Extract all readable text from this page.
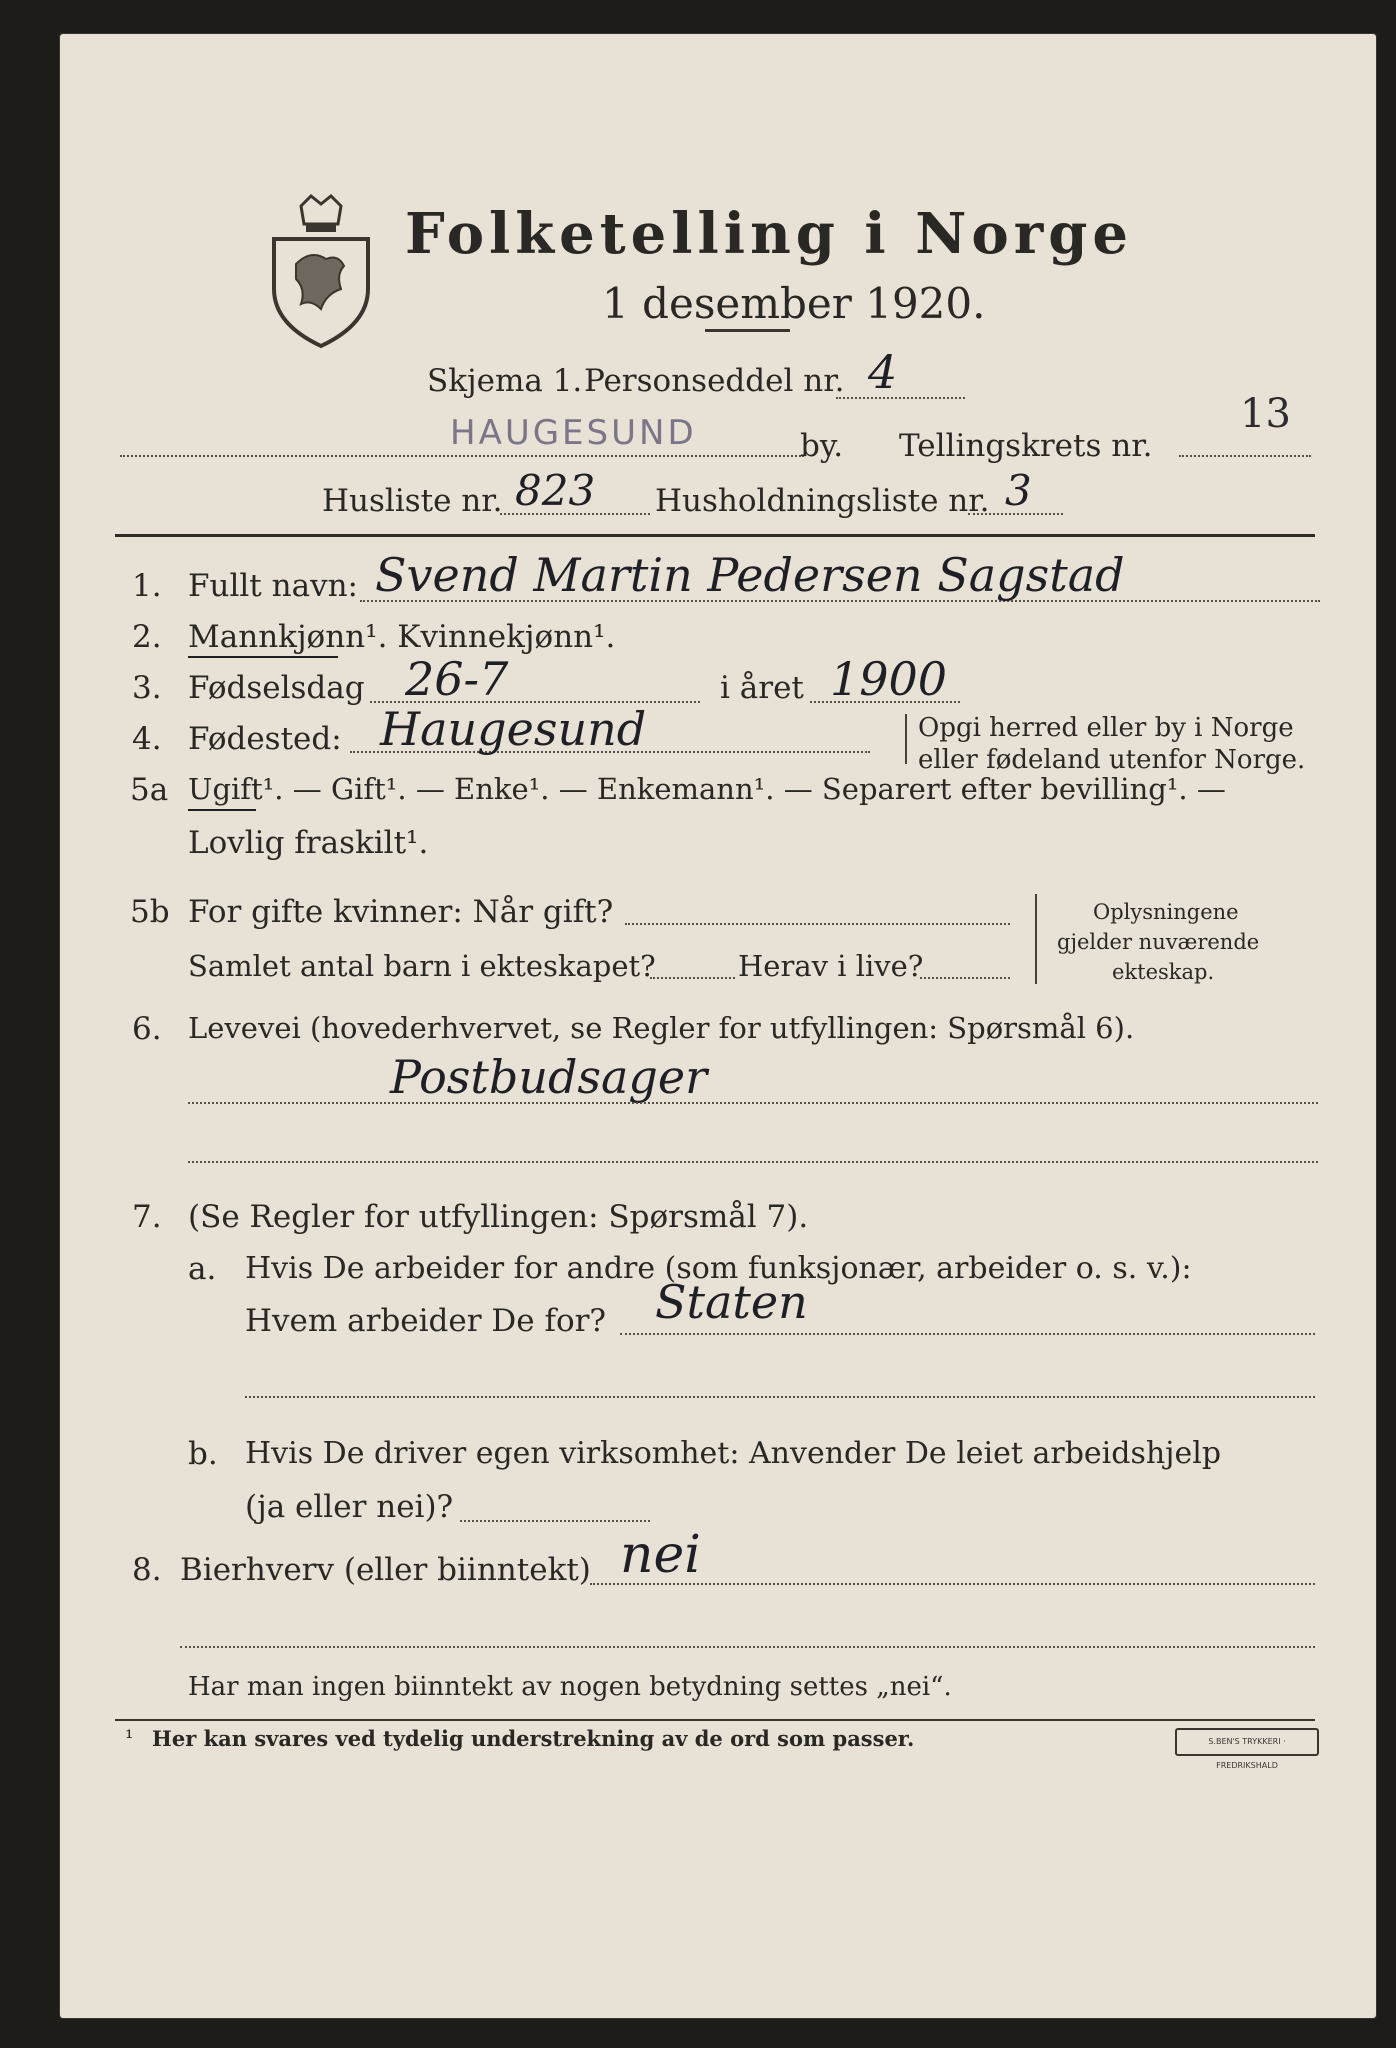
Folketelling i Norge
1 desember 1920.
Skjema 1. Personseddel nr. 4
HAUGESUND	by. Tellingskrets nr.
13
Husliste nr. 823 Husholdningsliste nr. 3
1. Fullt navn: Svend Martin Pedersen Sagstad
2. Mannkjønn¹. Kvinnekjønn¹.
3. Fødselsdag 26-7	i året 1900
4. Fødested: Haugesund	Opgi herred eller by i Norge
eller fødeland utenfor Norge.
5a Ugift¹. — Gift¹. — Enke¹. — Enkemann¹. — Separert efter bevilling¹. —
Lovlig fraskilt¹.
5b For gifte kvinner: Når gift?
Samlet antal barn i ekteskapet?	Herav i live?
Oplysningene
gjelder nuværende
ekteskap.
6. Levevei (hovederhvervet, se Regler for utfyllingen: Spørsmål 6).
Postbudsager
7. (Se Regler for utfyllingen: Spørsmål 7).
a. Hvis De arbeider for andre (som funksjonær, arbeider o. s. v.):
Hvem arbeider De for? Staten
b. Hvis De driver egen virksomhet: Anvender De leiet arbeidshjelp
(ja eller nei)?
8. Bierhverv (eller biinntekt) nei
Har man ingen biinntekt av nogen betydning settes „nei“.
¹ Her kan svares ved tydelig understrekning av de ord som passer.	S.BEN'S TRYKKERI · FREDRIKSHALD
